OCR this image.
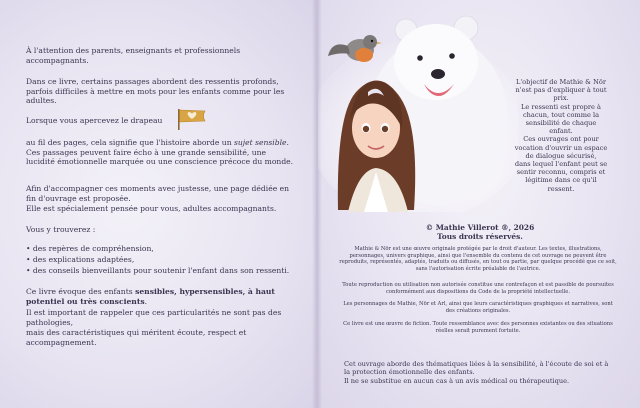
À l'attention des parents, enseignants et professionnels accompagnants.

Dans ce livre, certains passages abordent des ressentis profonds, parfois difficiles à mettre en mots pour les enfants comme pour les adultes.

Lorsque vous apercevez le drapeau

au fil des pages, cela signifie que l'histoire aborde un sujet sensible. Ces passages peuvent faire écho à une grande sensibilité, une lucidité émotionnelle marquée ou une conscience précoce du monde.

Afin d'accompagner ces moments avec justesse, une page dédiée en fin d'ouvrage est proposée.

Elle est spécialement pensée pour vous, adultes accompagnants.

Vous y trouverez :

• des repères de compréhension,
• des explications adaptées,
• des conseils bienveillants pour soutenir l'enfant dans son ressenti.

Ce livre évoque des enfants sensibles, hypersensibles, à haut potentiel ou très conscients.

Il est important de rappeler que ces particularités ne sont pas des pathologies,

mais des caractéristiques qui méritent écoute, respect et accompagnement.

L'objectif de Mathie & Nör
n'est pas d'expliquer à tout
prix.
Le ressenti est propre à
chacun, tout comme la
sensibilité de chaque
enfant.
Ces ouvrages ont pour
vocation d'ouvrir un espace
de dialogue sécurisé,
dans lequel l'enfant peut se
sentir reconnu, compris et
légitime dans ce qu'il
ressent.

© Mathie Villerot ®, 2026
Tous droits réservés.

Mathie & Nör est une œuvre originale protégée par le droit d'auteur. Les textes, illustrations, personnages, univers graphique, ainsi que l'ensemble du contenu de cet ouvrage ne peuvent être reproduits, représentés, adaptés, traduits ou diffusés, en tout ou partie, par quelque procédé que ce soit, sans l'autorisation écrite préalable de l'autrice.

Toute reproduction ou utilisation non autorisée constitue une contrefaçon et est passible de poursuites conformément aux dispositions du Code de la propriété intellectuelle.

Les personnages de Mathie, Nör et Arl, ainsi que leurs caractéristiques graphiques et narratives, sont des créations originales.

Ce livre est une œuvre de fiction. Toute ressemblance avec des personnes existantes ou des situations réelles serait purement fortuite.

Cet ouvrage aborde des thématiques liées à la sensibilité, à l'écoute de soi et à la protection émotionnelle des enfants.
Il ne se substitue en aucun cas à un avis médical ou thérapeutique.
